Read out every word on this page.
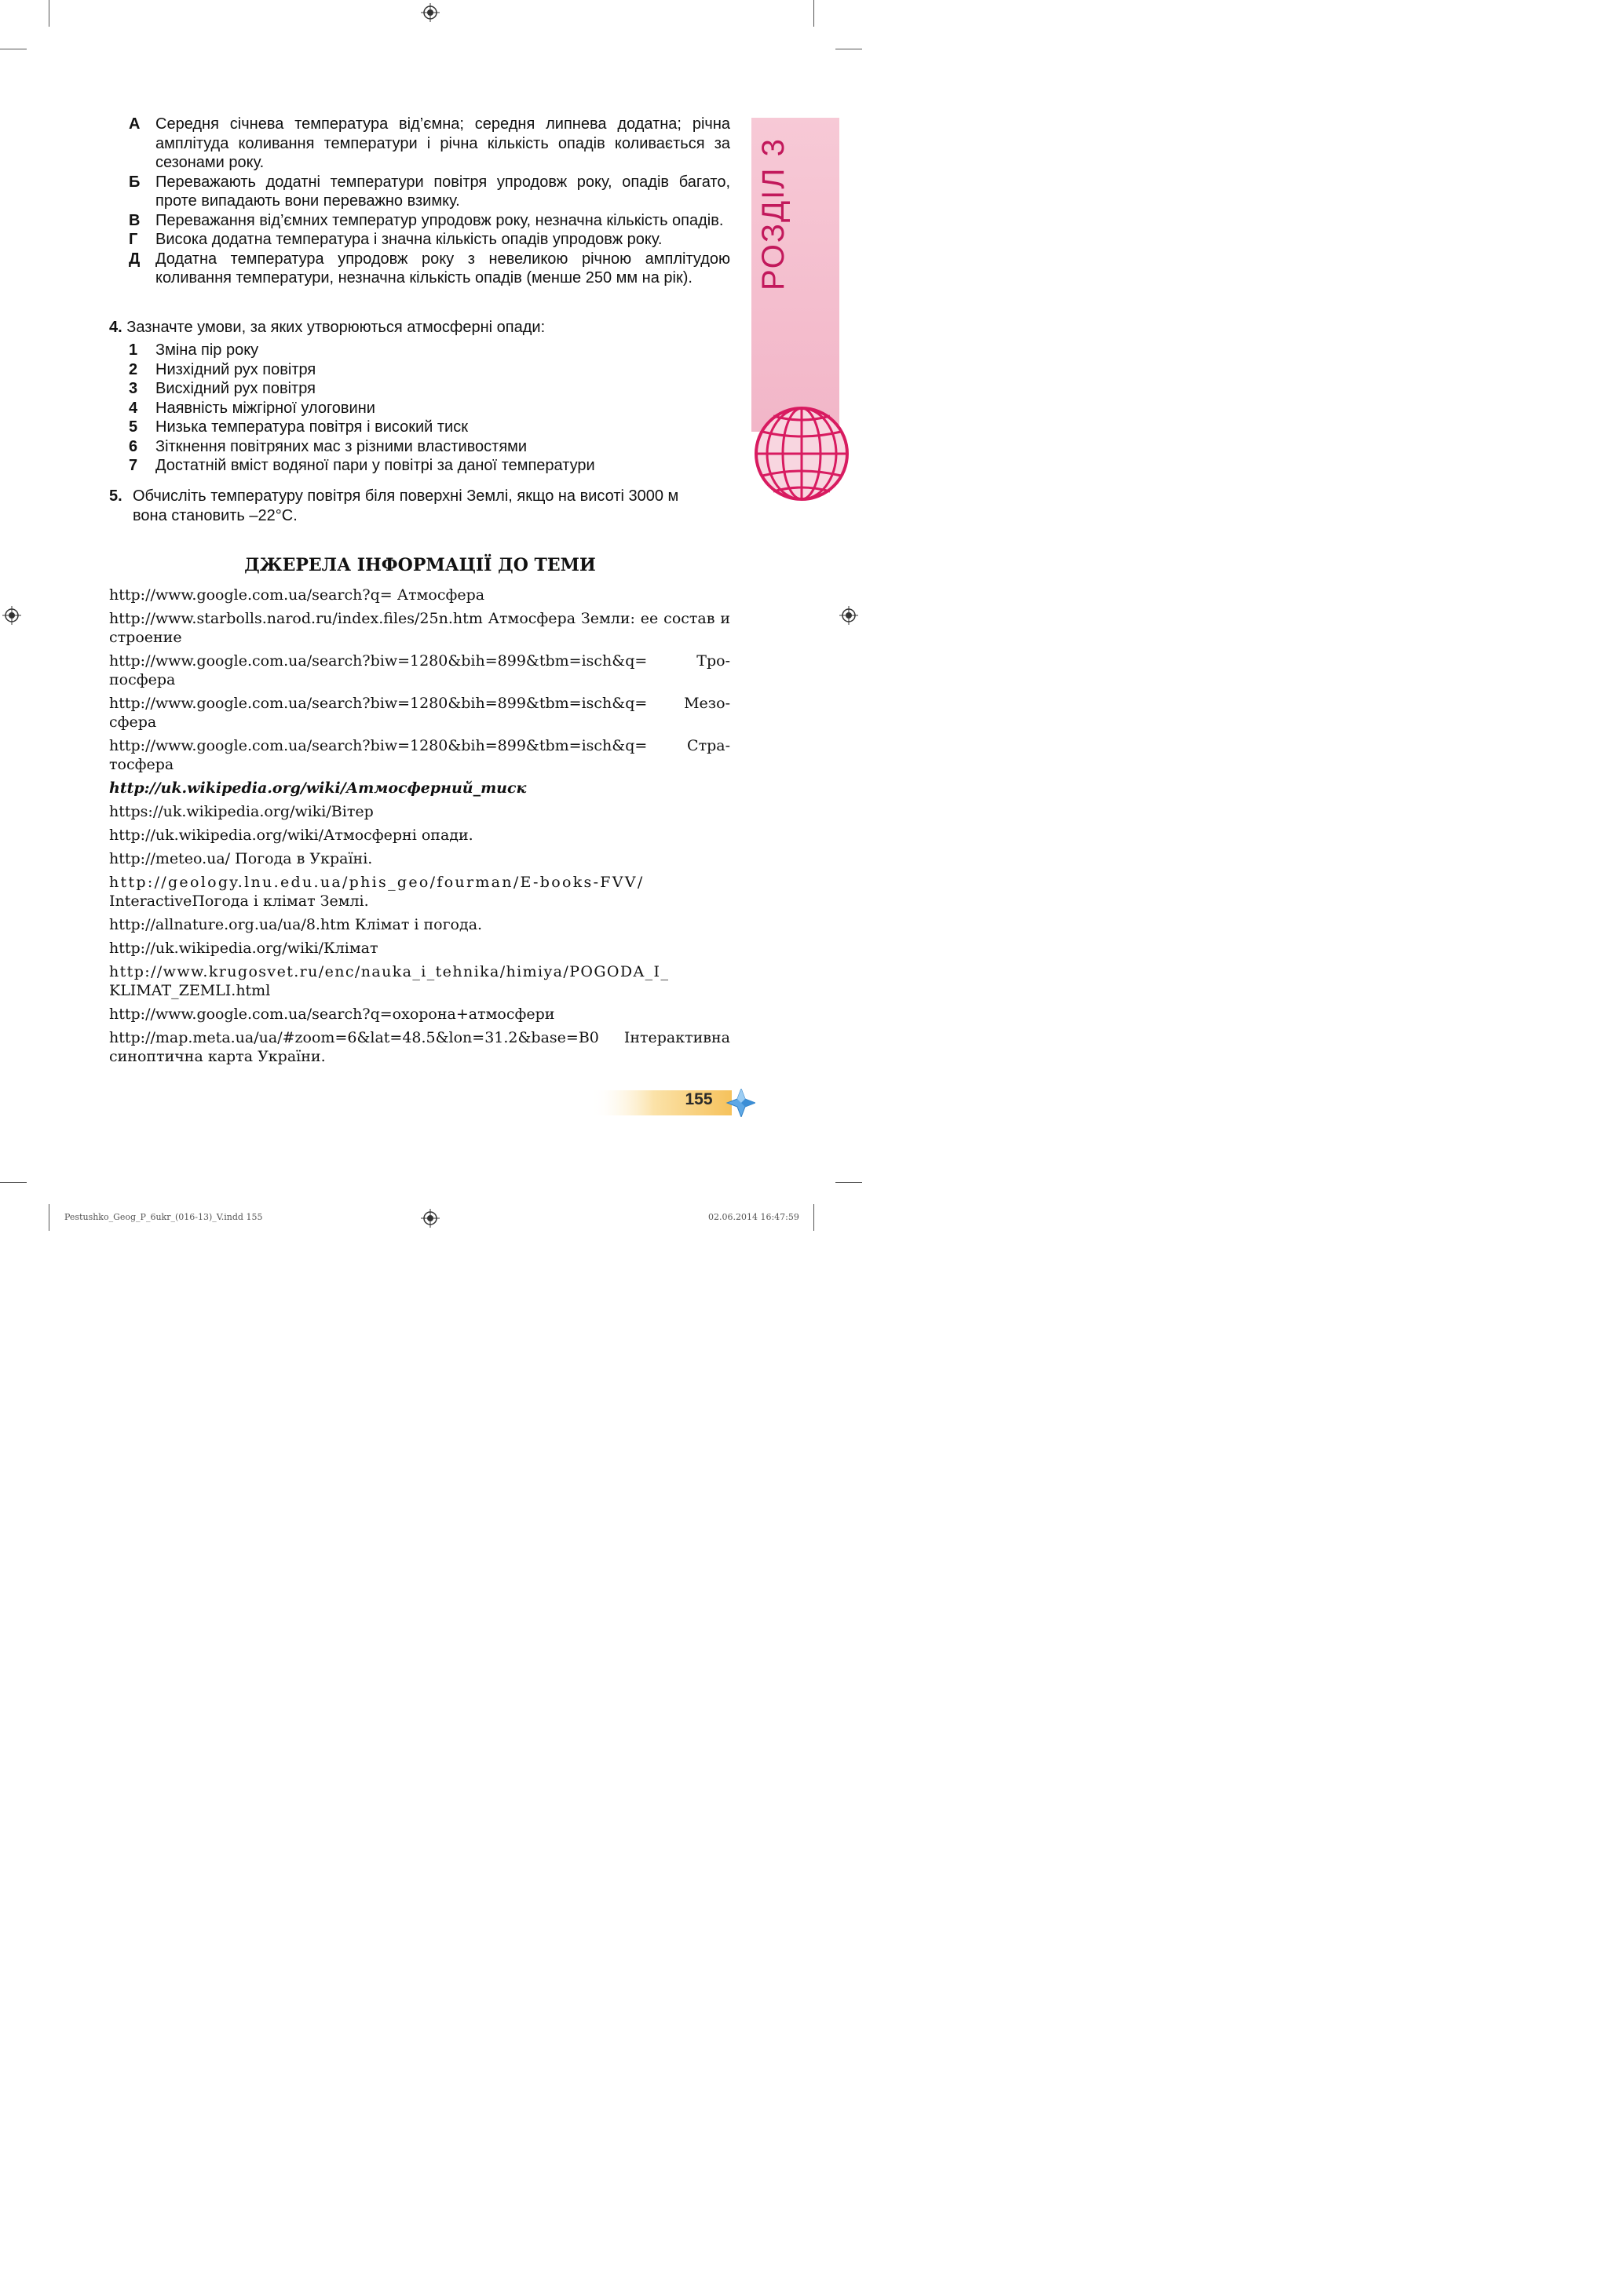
РОЗДІЛ 3
А Середня січнева температура від’ємна; середня липнева додатна; річна амплітуда коливання температури і річна кількість опадів коливається за сезонами року.
Б Переважають додатні температури повітря упродовж року, опадів багато, проте випадають вони переважно взимку.
В Переважання від’ємних температур упродовж року, незначна кількість опадів.
Г	Висока додатна температура і значна кількість опадів упродовж року.
Д Додатна температура упродовж року з невеликою річною амплітудою коливання температури, незначна кількість опадів (менше 250 мм на рік).
4. Зазначте умови, за яких утворюються атмосферні опади:
1	Зміна пір року
2	Низхідний рух повітря
3	Висхідний рух повітря
4	Наявність міжгірної улоговини
5	Низька температура повітря і високий тиск
6	Зіткнення повітряних мас з різними властивостями
7	Достатній вміст водяної пари у повітрі за даної температури
5. Обчисліть температуру повітря біля поверхні Землі, якщо на висоті 3000 м
вона становить –22°С.
ДЖЕРЕЛА ІНФОРМАЦІЇ ДО ТЕМИ
http://www.google.com.ua/search?q= Атмосфера
http://www.starbolls.narod.ru/index.files/25n.htm Атмосфера Земли: ее состав и строение
Тро-
http://www.google.com.ua/search?biw=1280&bih=899&tbm=isch&q=
посфера
Мезо-
http://www.google.com.ua/search?biw=1280&bih=899&tbm=isch&q=
сфера
Стра-
http://www.google.com.ua/search?biw=1280&bih=899&tbm=isch&q=
тосфера
http://uk.wikipedia.org/wiki/Атмосферний_тиск
https://uk.wikipedia.org/wiki/Вітер
http://uk.wikipedia.org/wiki/Атмосферні опади.
http://meteo.ua/ Погода в Україні.
http://geology.lnu.edu.ua/phis_geo/fourman/E-books-FVV/
InteractiveПогода і клімат Землі.
http://allnature.org.ua/ua/8.htm Клімат і погода.
http://uk.wikipedia.org/wiki/Клімат
http://www.krugosvet.ru/enc/nauka_i_tehnika/himiya/POGODA_I_
KLIMAT_ZEMLI.html
http://www.google.com.ua/search?q=охорона+атмосфери
http://map.meta.ua/ua/#zoom=6&lat=48.5&lon=31.2&base=B0 Інтерактивна синоптична карта України.
155
Pestushko_Geog_P_6ukr_(016-13)_V.indd 155	02.06.2014 16:47:59
